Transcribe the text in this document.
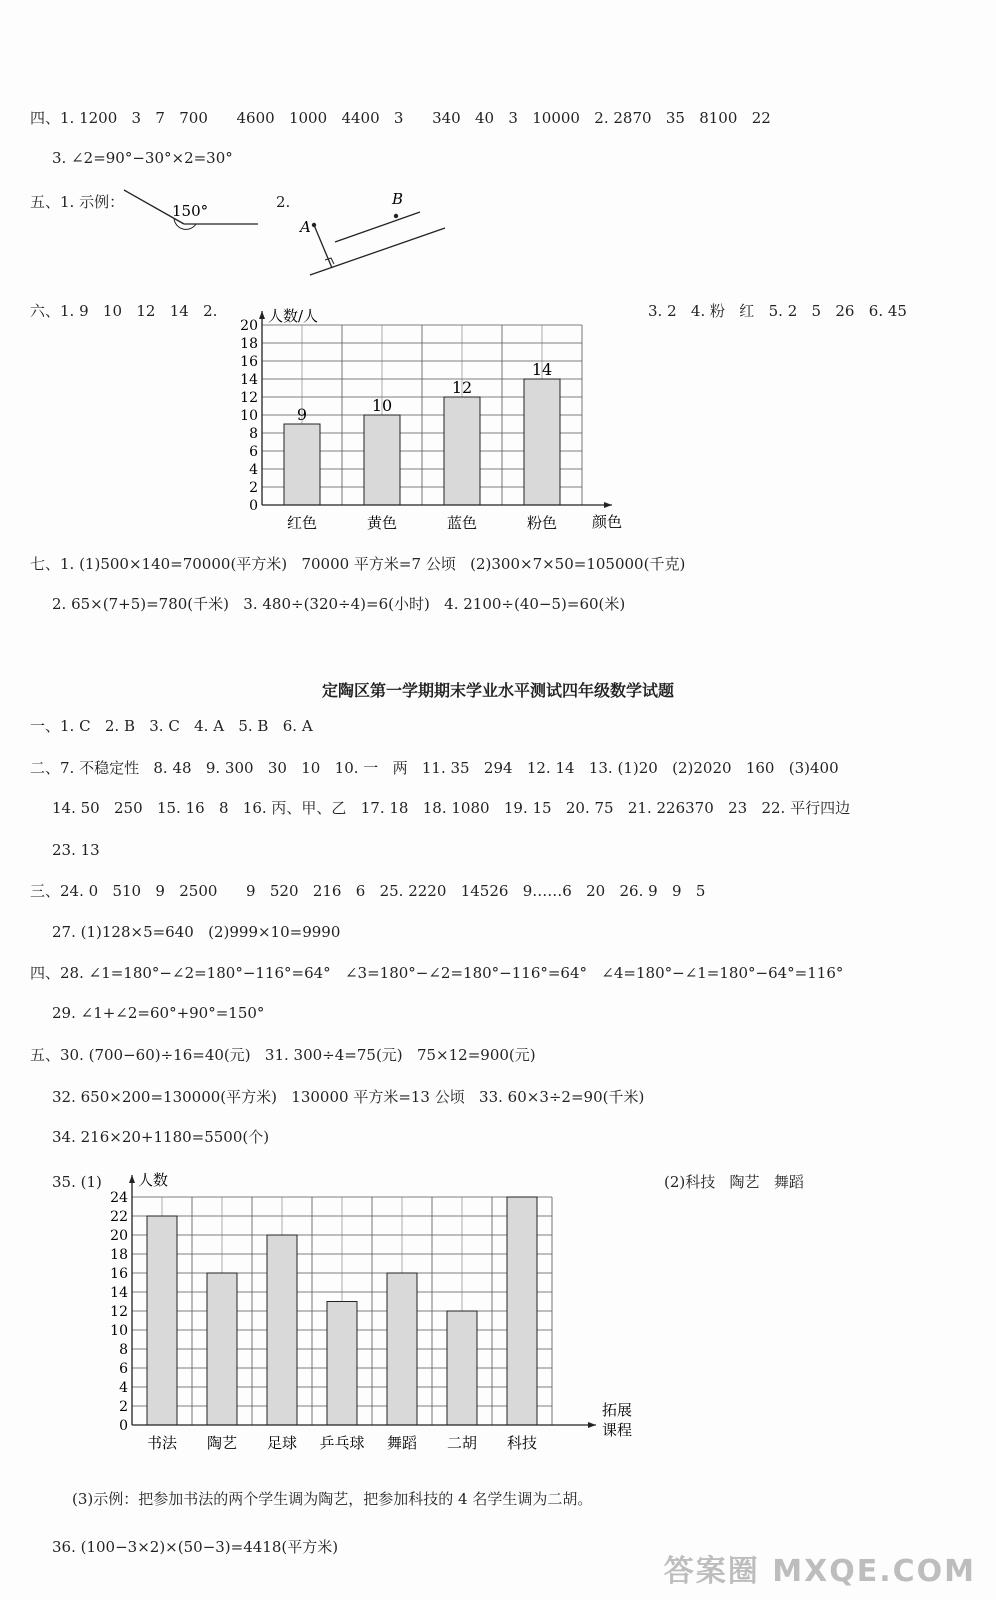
四、1. 1200   3   7   700      4600   1000   4400   3      340   40   3   10000   2. 2870   35   8100   22
3. ∠2=90°−30°×2=30°
五、1. 示例：	150°	2.
A
B
六、1. 9   10   12   14   2.	3. 2   4. 粉   红   5. 2   5   26   6. 45
9
红色
10
黄色
12
蓝色
14
粉色
0
2
4
6
8
10
12
14
16
18
20
人数/人
颜色
七、1. (1)500×140=70000(平方米)   70000 平方米=7 公顷   (2)300×7×50=105000(千克)
2. 65×(7+5)=780(千米)   3. 480÷(320÷4)=6(小时)   4. 2100÷(40−5)=60(米)
定陶区第一学期期末学业水平测试四年级数学试题
一、1. C   2. B   3. C   4. A   5. B   6. A
二、7. 不稳定性   8. 48   9. 300   30   10   10. 一   两   11. 35   294   12. 14   13. (1)20   (2)2020   160   (3)400
14. 50   250   15. 16   8   16. 丙、甲、乙   17. 18   18. 1080   19. 15   20. 75   21. 226370   23   22. 平行四边
23. 13
三、24. 0   510   9   2500      9   520   216   6   25. 2220   14526   9……6   20   26. 9   9   5
27. (1)128×5=640   (2)999×10=9990
四、28. ∠1=180°−∠2=180°−116°=64°   ∠3=180°−∠2=180°−116°=64°   ∠4=180°−∠1=180°−64°=116°
29. ∠1+∠2=60°+90°=150°
五、30. (700−60)÷16=40(元)   31. 300÷4=75(元)   75×12=900(元)
32. 650×200=130000(平方米)   130000 平方米=13 公顷   33. 60×3÷2=90(千米)
34. 216×20+1180=5500(个)
35. (1)	(2)科技   陶艺   舞蹈
书法 陶艺 足球 乒乓球 舞蹈 二胡 科技
0
2
4
6
8
10
12
14
16
18
20
22
24
人数
拓展
课程
(3)示例：把参加书法的两个学生调为陶艺，把参加科技的 4 名学生调为二胡。
36. (100−3×2)×(50−3)=4418(平方米)
答案圈 MXQE.COM
